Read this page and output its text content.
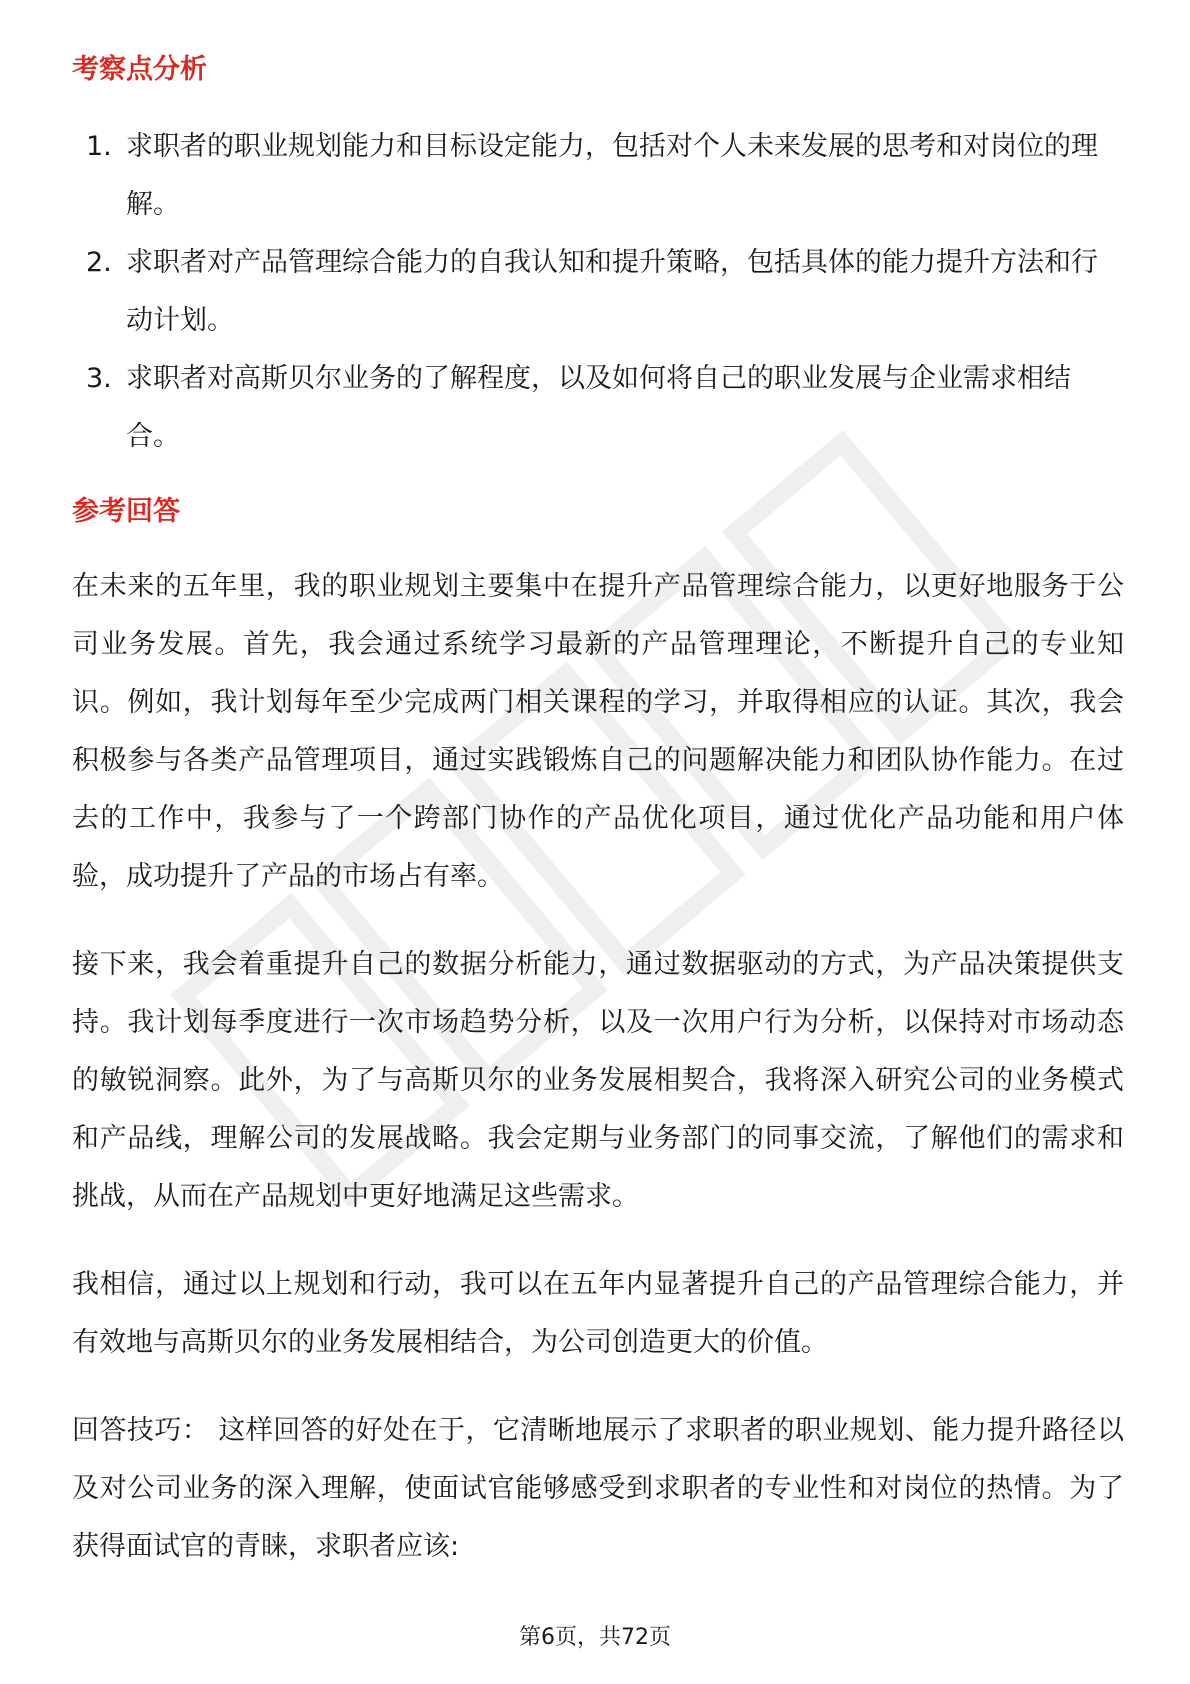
考察点分析
1. 求职者的职业规划能力和目标设定能力，包括对个人未来发展的思考和对岗位的理解。
2. 求职者对产品管理综合能力的自我认知和提升策略，包括具体的能力提升方法和行动计划。
3. 求职者对高斯贝尔业务的了解程度，以及如何将自己的职业发展与企业需求相结合。
参考回答

在未来的五年里，我的职业规划主要集中在提升产品管理综合能力，以更好地服务于公司业务发展。首先，我会通过系统学习最新的产品管理理论，不断提升自己的专业知识。例如，我计划每年至少完成两门相关课程的学习，并取得相应的认证。其次，我会积极参与各类产品管理项目，通过实践锻炼自己的问题解决能力和团队协作能力。在过去的工作中，我参与了一个跨部门协作的产品优化项目，通过优化产品功能和用户体验，成功提升了产品的市场占有率。

接下来，我会着重提升自己的数据分析能力，通过数据驱动的方式，为产品决策提供支持。我计划每季度进行一次市场趋势分析，以及一次用户行为分析，以保持对市场动态的敏锐洞察。此外，为了与高斯贝尔的业务发展相契合，我将深入研究公司的业务模式和产品线，理解公司的发展战略。我会定期与业务部门的同事交流，了解他们的需求和挑战，从而在产品规划中更好地满足这些需求。

我相信，通过以上规划和行动，我可以在五年内显著提升自己的产品管理综合能力，并有效地与高斯贝尔的业务发展相结合，为公司创造更大的价值。

回答技巧： 这样回答的好处在于，它清晰地展示了求职者的职业规划、能力提升路径以及对公司业务的深入理解，使面试官能够感受到求职者的专业性和对岗位的热情。为了获得面试官的青睐，求职者应该:

第6页，共72页
